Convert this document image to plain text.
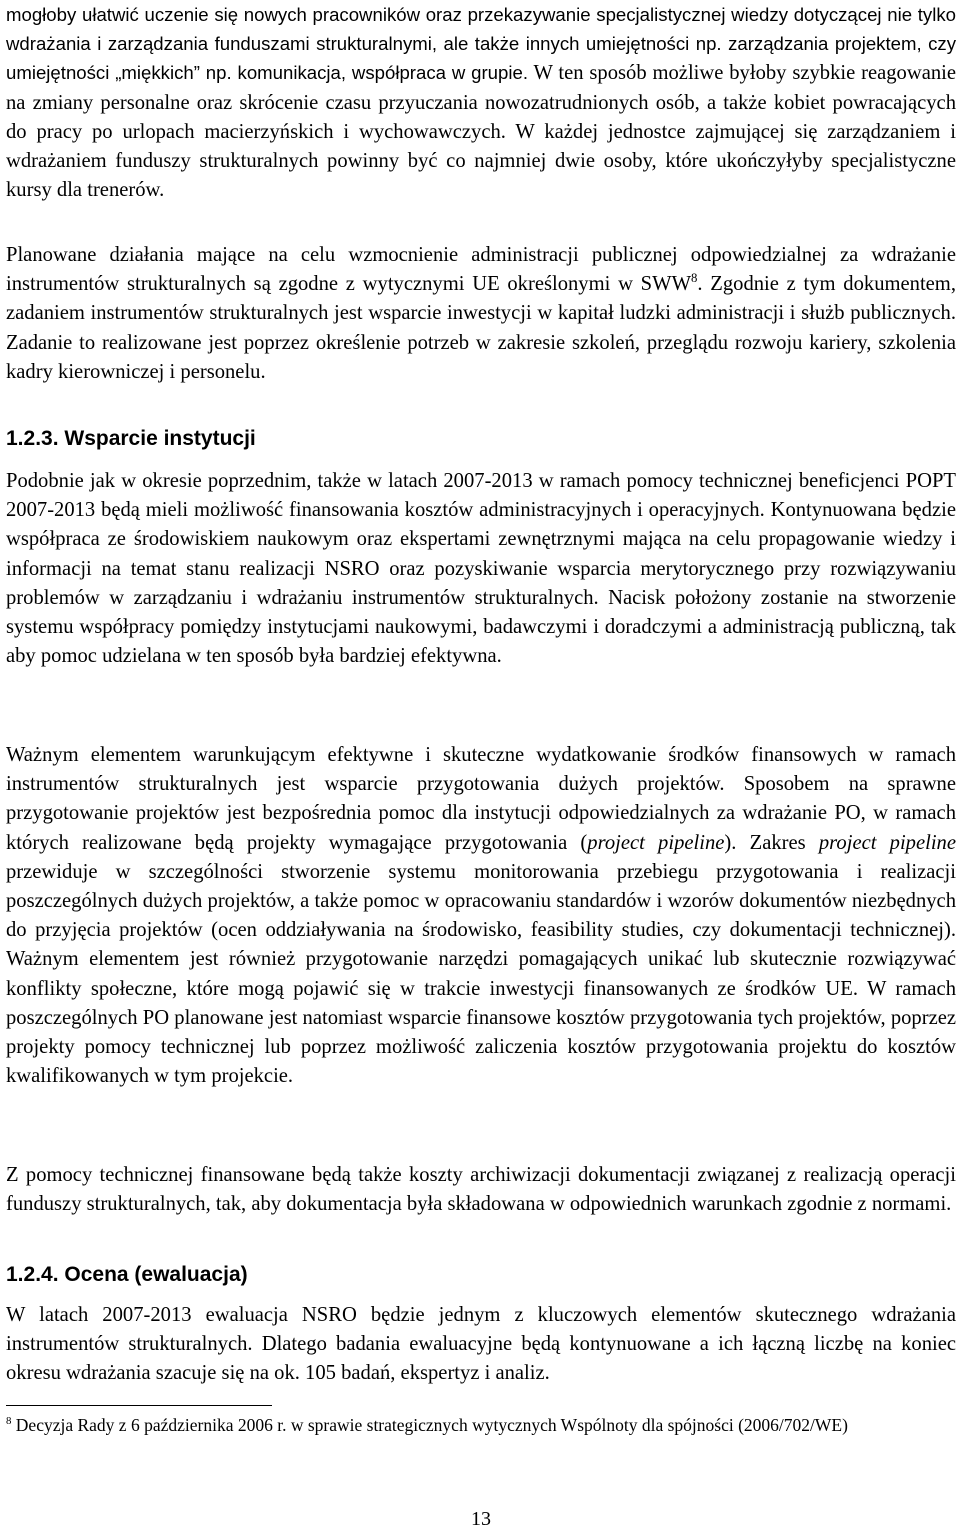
mogłoby ułatwić uczenie się nowych pracowników oraz przekazywanie specjalistycznej wiedzy dotyczącej nie tylko wdrażania i zarządzania funduszami strukturalnymi, ale także innych umiejętności np. zarządzania projektem, czy umiejętności „miękkich” np. komunikacja, współpraca w grupie. W ten sposób możliwe byłoby szybkie reagowanie na zmiany personalne oraz skrócenie czasu przyuczania nowozatrudnionych osób, a także kobiet powracających do pracy po urlopach macierzyńskich i wychowawczych. W każdej jednostce zajmującej się zarządzaniem i wdrażaniem funduszy strukturalnych powinny być co najmniej dwie osoby, które ukończyłyby specjalistyczne kursy dla trenerów.

Planowane działania mające na celu wzmocnienie administracji publicznej odpowiedzialnej za wdrażanie instrumentów strukturalnych są zgodne z wytycznymi UE określonymi w SWW$^8$. Zgodnie z tym dokumentem, zadaniem instrumentów strukturalnych jest wsparcie inwestycji w kapitał ludzki administracji i służb publicznych. Zadanie to realizowane jest poprzez określenie potrzeb w zakresie szkoleń, przeglądu rozwoju kariery, szkolenia kadry kierowniczej i personelu.

1.2.3. Wsparcie instytucji

Podobnie jak w okresie poprzednim, także w latach 2007-2013 w ramach pomocy technicznej beneficjenci POPT 2007-2013 będą mieli możliwość finansowania kosztów administracyjnych i operacyjnych. Kontynuowana będzie współpraca ze środowiskiem naukowym oraz ekspertami zewnętrznymi mająca na celu propagowanie wiedzy i informacji na temat stanu realizacji NSRO oraz pozyskiwanie wsparcia merytorycznego przy rozwiązywaniu problemów w zarządzaniu i wdrażaniu instrumentów strukturalnych. Nacisk położony zostanie na stworzenie systemu współpracy pomiędzy instytucjami naukowymi, badawczymi i doradczymi a administracją publiczną, tak aby pomoc udzielana w ten sposób była bardziej efektywna.

Ważnym elementem warunkującym efektywne i skuteczne wydatkowanie środków finansowych w ramach instrumentów strukturalnych jest wsparcie przygotowania dużych projektów. Sposobem na sprawne przygotowanie projektów jest bezpośrednia pomoc dla instytucji odpowiedzialnych za wdrażanie PO, w ramach których realizowane będą projekty wymagające przygotowania (project pipeline). Zakres project pipeline przewiduje w szczególności stworzenie systemu monitorowania przebiegu przygotowania i realizacji poszczególnych dużych projektów, a także pomoc w opracowaniu standardów i wzorów dokumentów niezbędnych do przyjęcia projektów (ocen oddziaływania na środowisko, feasibility studies, czy dokumentacji technicznej). Ważnym elementem jest również przygotowanie narzędzi pomagających unikać lub skutecznie rozwiązywać konflikty społeczne, które mogą pojawić się w trakcie inwestycji finansowanych ze środków UE. W ramach poszczególnych PO planowane jest natomiast wsparcie finansowe kosztów przygotowania tych projektów, poprzez projekty pomocy technicznej lub poprzez możliwość zaliczenia kosztów przygotowania projektu do kosztów kwalifikowanych w tym projekcie.

Z pomocy technicznej finansowane będą także koszty archiwizacji dokumentacji związanej z realizacją operacji funduszy strukturalnych, tak, aby dokumentacja była składowana w odpowiednich warunkach zgodnie z normami.

1.2.4. Ocena (ewaluacja)

W latach 2007-2013 ewaluacja NSRO będzie jednym z kluczowych elementów skutecznego wdrażania instrumentów strukturalnych. Dlatego badania ewaluacyjne będą kontynuowane a ich łączną liczbę na koniec okresu wdrażania szacuje się na ok. 105 badań, ekspertyz i analiz.

$^8$ Decyzja Rady z 6 października 2006 r. w sprawie strategicznych wytycznych Wspólnoty dla spójności (2006/702/WE)
13
